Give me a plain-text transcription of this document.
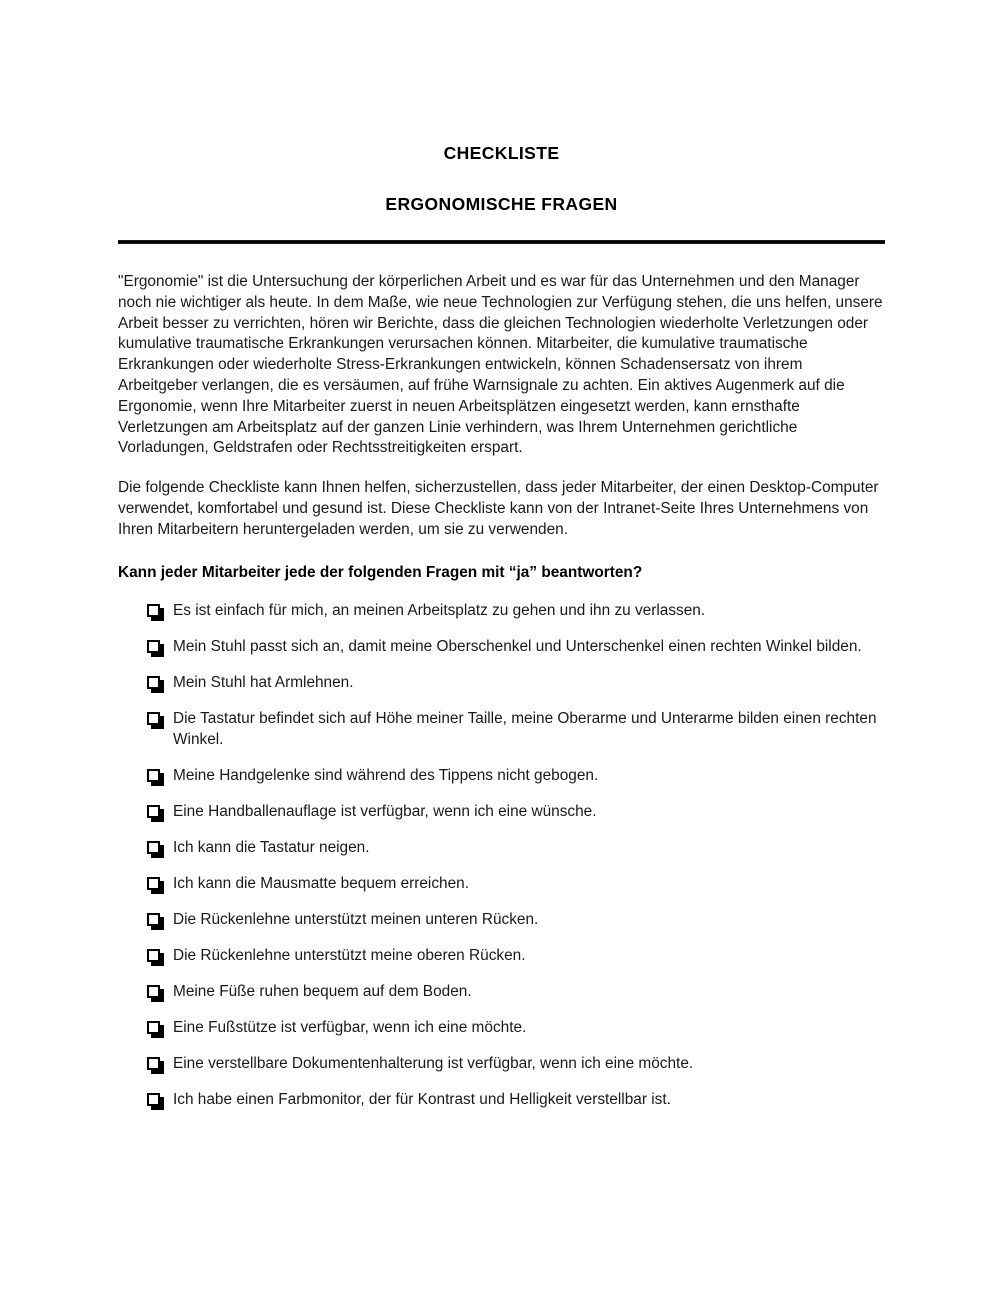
CHECKLISTE
ERGONOMISCHE FRAGEN

"Ergonomie" ist die Untersuchung der körperlichen Arbeit und es war für das Unternehmen und den Manager noch nie wichtiger als heute. In dem Maße, wie neue Technologien zur Verfügung stehen, die uns helfen, unsere Arbeit besser zu verrichten, hören wir Berichte, dass die gleichen Technologien wiederholte Verletzungen oder kumulative traumatische Erkrankungen verursachen können. Mitarbeiter, die kumulative traumatische Erkrankungen oder wiederholte Stress-Erkrankungen entwickeln, können Schadensersatz von ihrem Arbeitgeber verlangen, die es versäumen, auf frühe Warnsignale zu achten. Ein aktives Augenmerk auf die Ergonomie, wenn Ihre Mitarbeiter zuerst in neuen Arbeitsplätzen eingesetzt werden, kann ernsthafte Verletzungen am Arbeitsplatz auf der ganzen Linie verhindern, was Ihrem Unternehmen gerichtliche Vorladungen, Geldstrafen oder Rechtsstreitigkeiten erspart.

Die folgende Checkliste kann Ihnen helfen, sicherzustellen, dass jeder Mitarbeiter, der einen Desktop-Computer verwendet, komfortabel und gesund ist. Diese Checkliste kann von der Intranet-Seite Ihres Unternehmens von Ihren Mitarbeitern heruntergeladen werden, um sie zu verwenden.

Kann jeder Mitarbeiter jede der folgenden Fragen mit “ja” beantworten?

Es ist einfach für mich, an meinen Arbeitsplatz zu gehen und ihn zu verlassen.
Mein Stuhl passt sich an, damit meine Oberschenkel und Unterschenkel einen rechten Winkel bilden.
Mein Stuhl hat Armlehnen.
Die Tastatur befindet sich auf Höhe meiner Taille, meine Oberarme und Unterarme bilden einen rechten Winkel.
Meine Handgelenke sind während des Tippens nicht gebogen.
Eine Handballenauflage ist verfügbar, wenn ich eine wünsche.
Ich kann die Tastatur neigen.
Ich kann die Mausmatte bequem erreichen.
Die Rückenlehne unterstützt meinen unteren Rücken.
Die Rückenlehne unterstützt meine oberen Rücken.
Meine Füße ruhen bequem auf dem Boden.
Eine Fußstütze ist verfügbar, wenn ich eine möchte.
Eine verstellbare Dokumentenhalterung ist verfügbar, wenn ich eine möchte.
Ich habe einen Farbmonitor, der für Kontrast und Helligkeit verstellbar ist.
